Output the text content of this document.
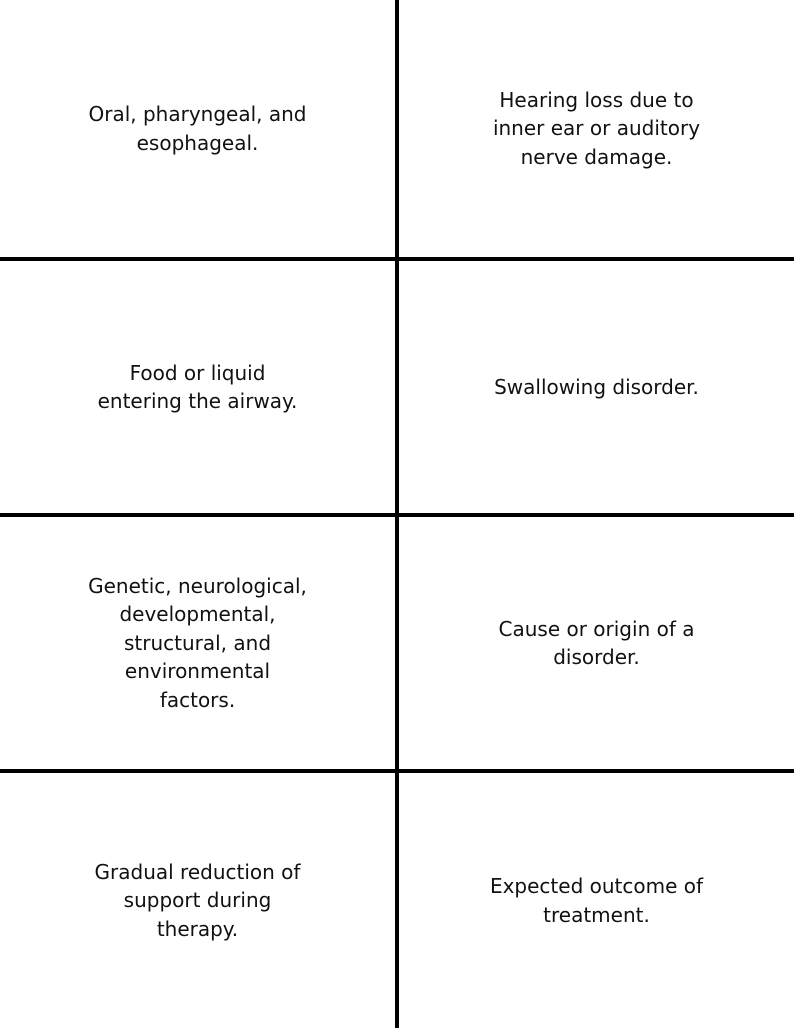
Oral, pharyngeal, and
esophageal.
Hearing loss due to
inner ear or auditory
nerve damage.
Food or liquid
entering the airway.
Swallowing disorder.
Genetic, neurological,
developmental,
structural, and
environmental
factors.
Cause or origin of a
disorder.
Gradual reduction of
support during
therapy.
Expected outcome of
treatment.
